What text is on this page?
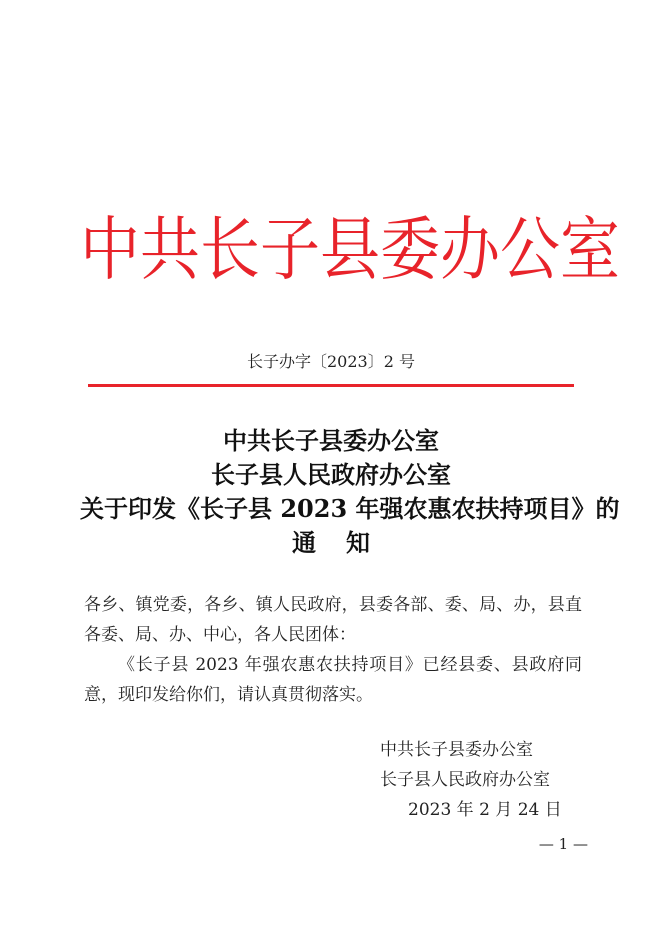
中共长子县委办公室
长子办字〔2023〕2 号
中共长子县委办公室
长子县人民政府办公室
关于印发《长子县 2023 年强农惠农扶持项目》的
通知

各乡、镇党委，各乡、镇人民政府，县委各部、委、局、办，县直各委、局、办、中心，各人民团体：

《长子县 2023 年强农惠农扶持项目》已经县委、县政府同意，现印发给你们，请认真贯彻落实。

中共长子县委办公室
长子县人民政府办公室
2023 年 2 月 24 日
— 1 —
